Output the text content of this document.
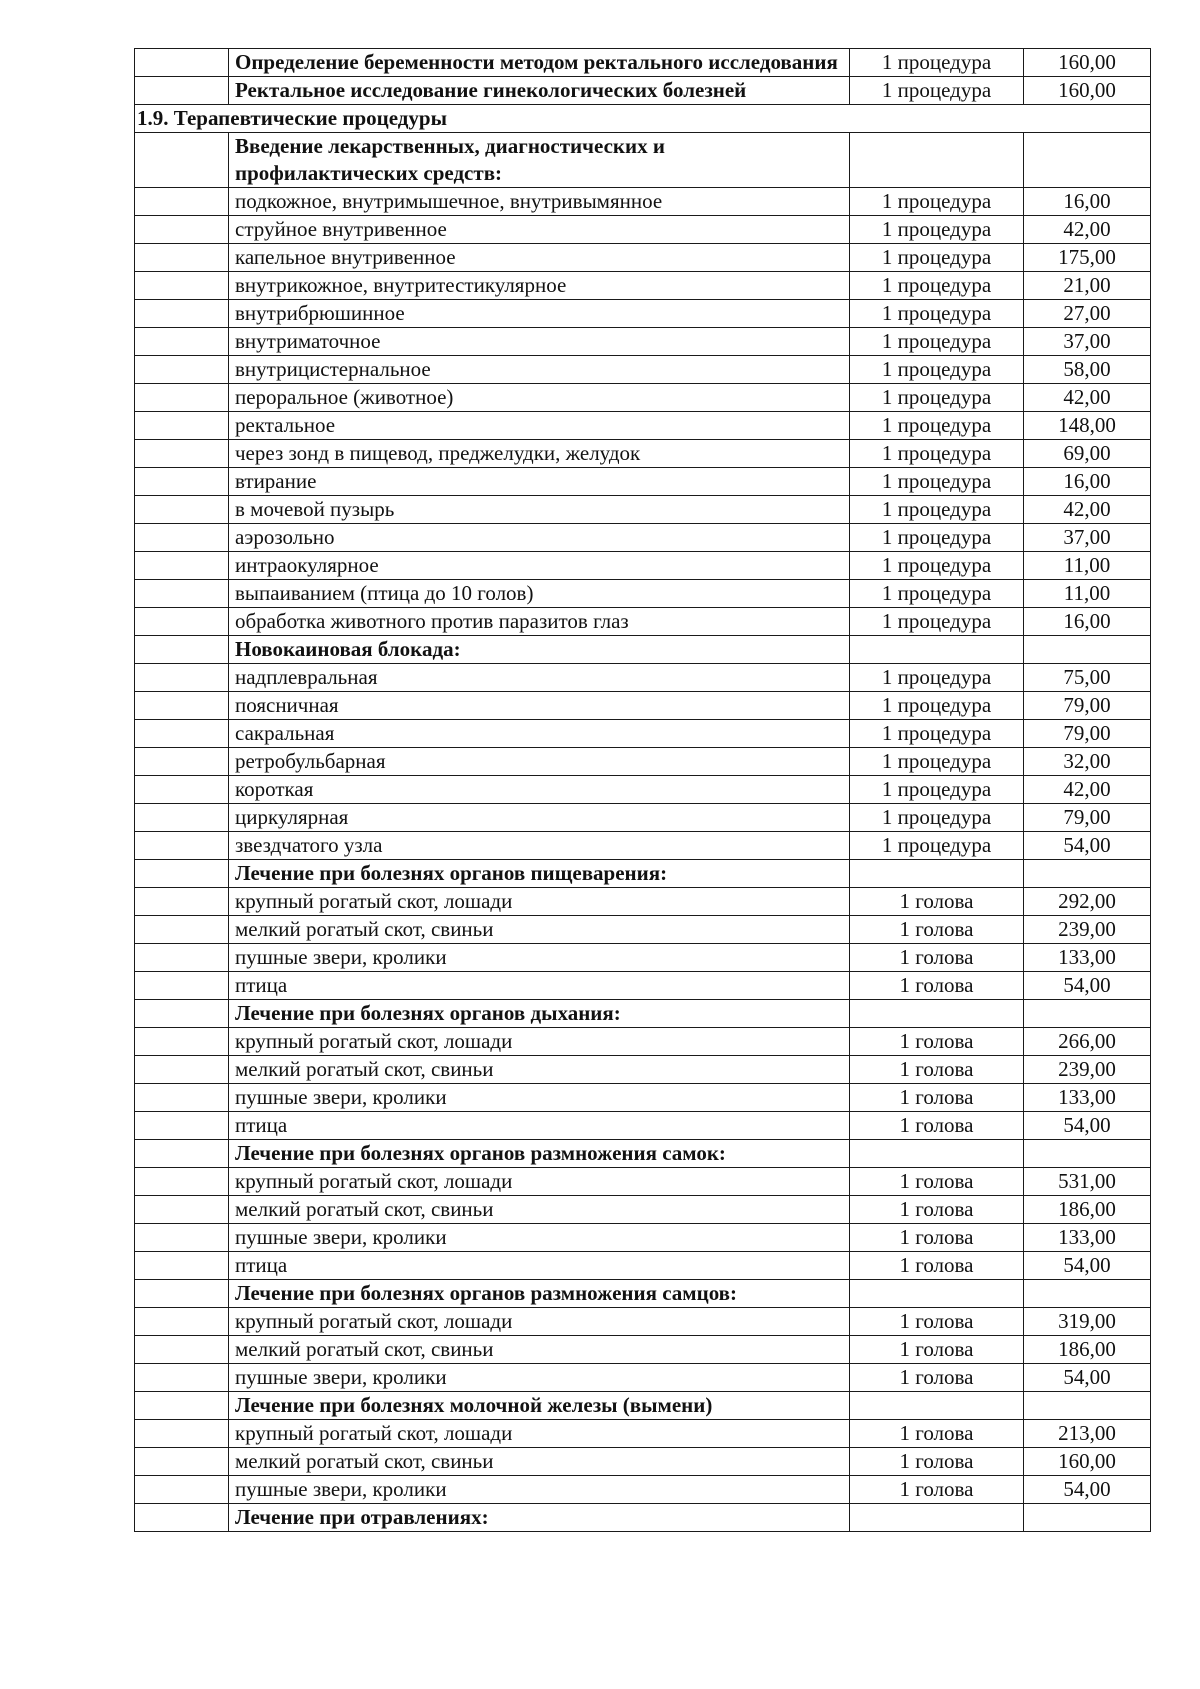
	Определение беременности методом ректального исследования	1 процедура	160,00
	Ректальное исследование гинекологических болезней	1 процедура	160,00
1.9. Терапевтические процедуры			
	Введение лекарственных, диагностических и профилактических средств:		
	подкожное, внутримышечное, внутривымянное	1 процедура	16,00
	струйное внутривенное	1 процедура	42,00
	капельное внутривенное	1 процедура	175,00
	внутрикожное, внутритестикулярное	1 процедура	21,00
	внутрибрюшинное	1 процедура	27,00
	внутриматочное	1 процедура	37,00
	внутрицистернальное	1 процедура	58,00
	пероральное (животное)	1 процедура	42,00
	ректальное	1 процедура	148,00
	через зонд в пищевод, преджелудки, желудок	1 процедура	69,00
	втирание	1 процедура	16,00
	в мочевой пузырь	1 процедура	42,00
	аэрозольно	1 процедура	37,00
	интраокулярное	1 процедура	11,00
	выпаиванием (птица до 10 голов)	1 процедура	11,00
	обработка животного против паразитов глаз	1 процедура	16,00
	Новокаиновая блокада:		
	надплевральная	1 процедура	75,00
	поясничная	1 процедура	79,00
	сакральная	1 процедура	79,00
	ретробульбарная	1 процедура	32,00
	короткая	1 процедура	42,00
	циркулярная	1 процедура	79,00
	звездчатого узла	1 процедура	54,00
	Лечение при болезнях органов пищеварения:		
	крупный рогатый скот, лошади	1 голова	292,00
	мелкий рогатый скот, свиньи	1 голова	239,00
	пушные звери, кролики	1 голова	133,00
	птица	1 голова	54,00
	Лечение при болезнях органов дыхания:		
	крупный рогатый скот, лошади	1 голова	266,00
	мелкий рогатый скот, свиньи	1 голова	239,00
	пушные звери, кролики	1 голова	133,00
	птица	1 голова	54,00
	Лечение при болезнях органов размножения самок:		
	крупный рогатый скот, лошади	1 голова	531,00
	мелкий рогатый скот, свиньи	1 голова	186,00
	пушные звери, кролики	1 голова	133,00
	птица	1 голова	54,00
	Лечение при болезнях органов размножения самцов:		
	крупный рогатый скот, лошади	1 голова	319,00
	мелкий рогатый скот, свиньи	1 голова	186,00
	пушные звери, кролики	1 голова	54,00
	Лечение при болезнях молочной железы (вымени)		
	крупный рогатый скот, лошади	1 голова	213,00
	мелкий рогатый скот, свиньи	1 голова	160,00
	пушные звери, кролики	1 голова	54,00
	Лечение при отравлениях:		
